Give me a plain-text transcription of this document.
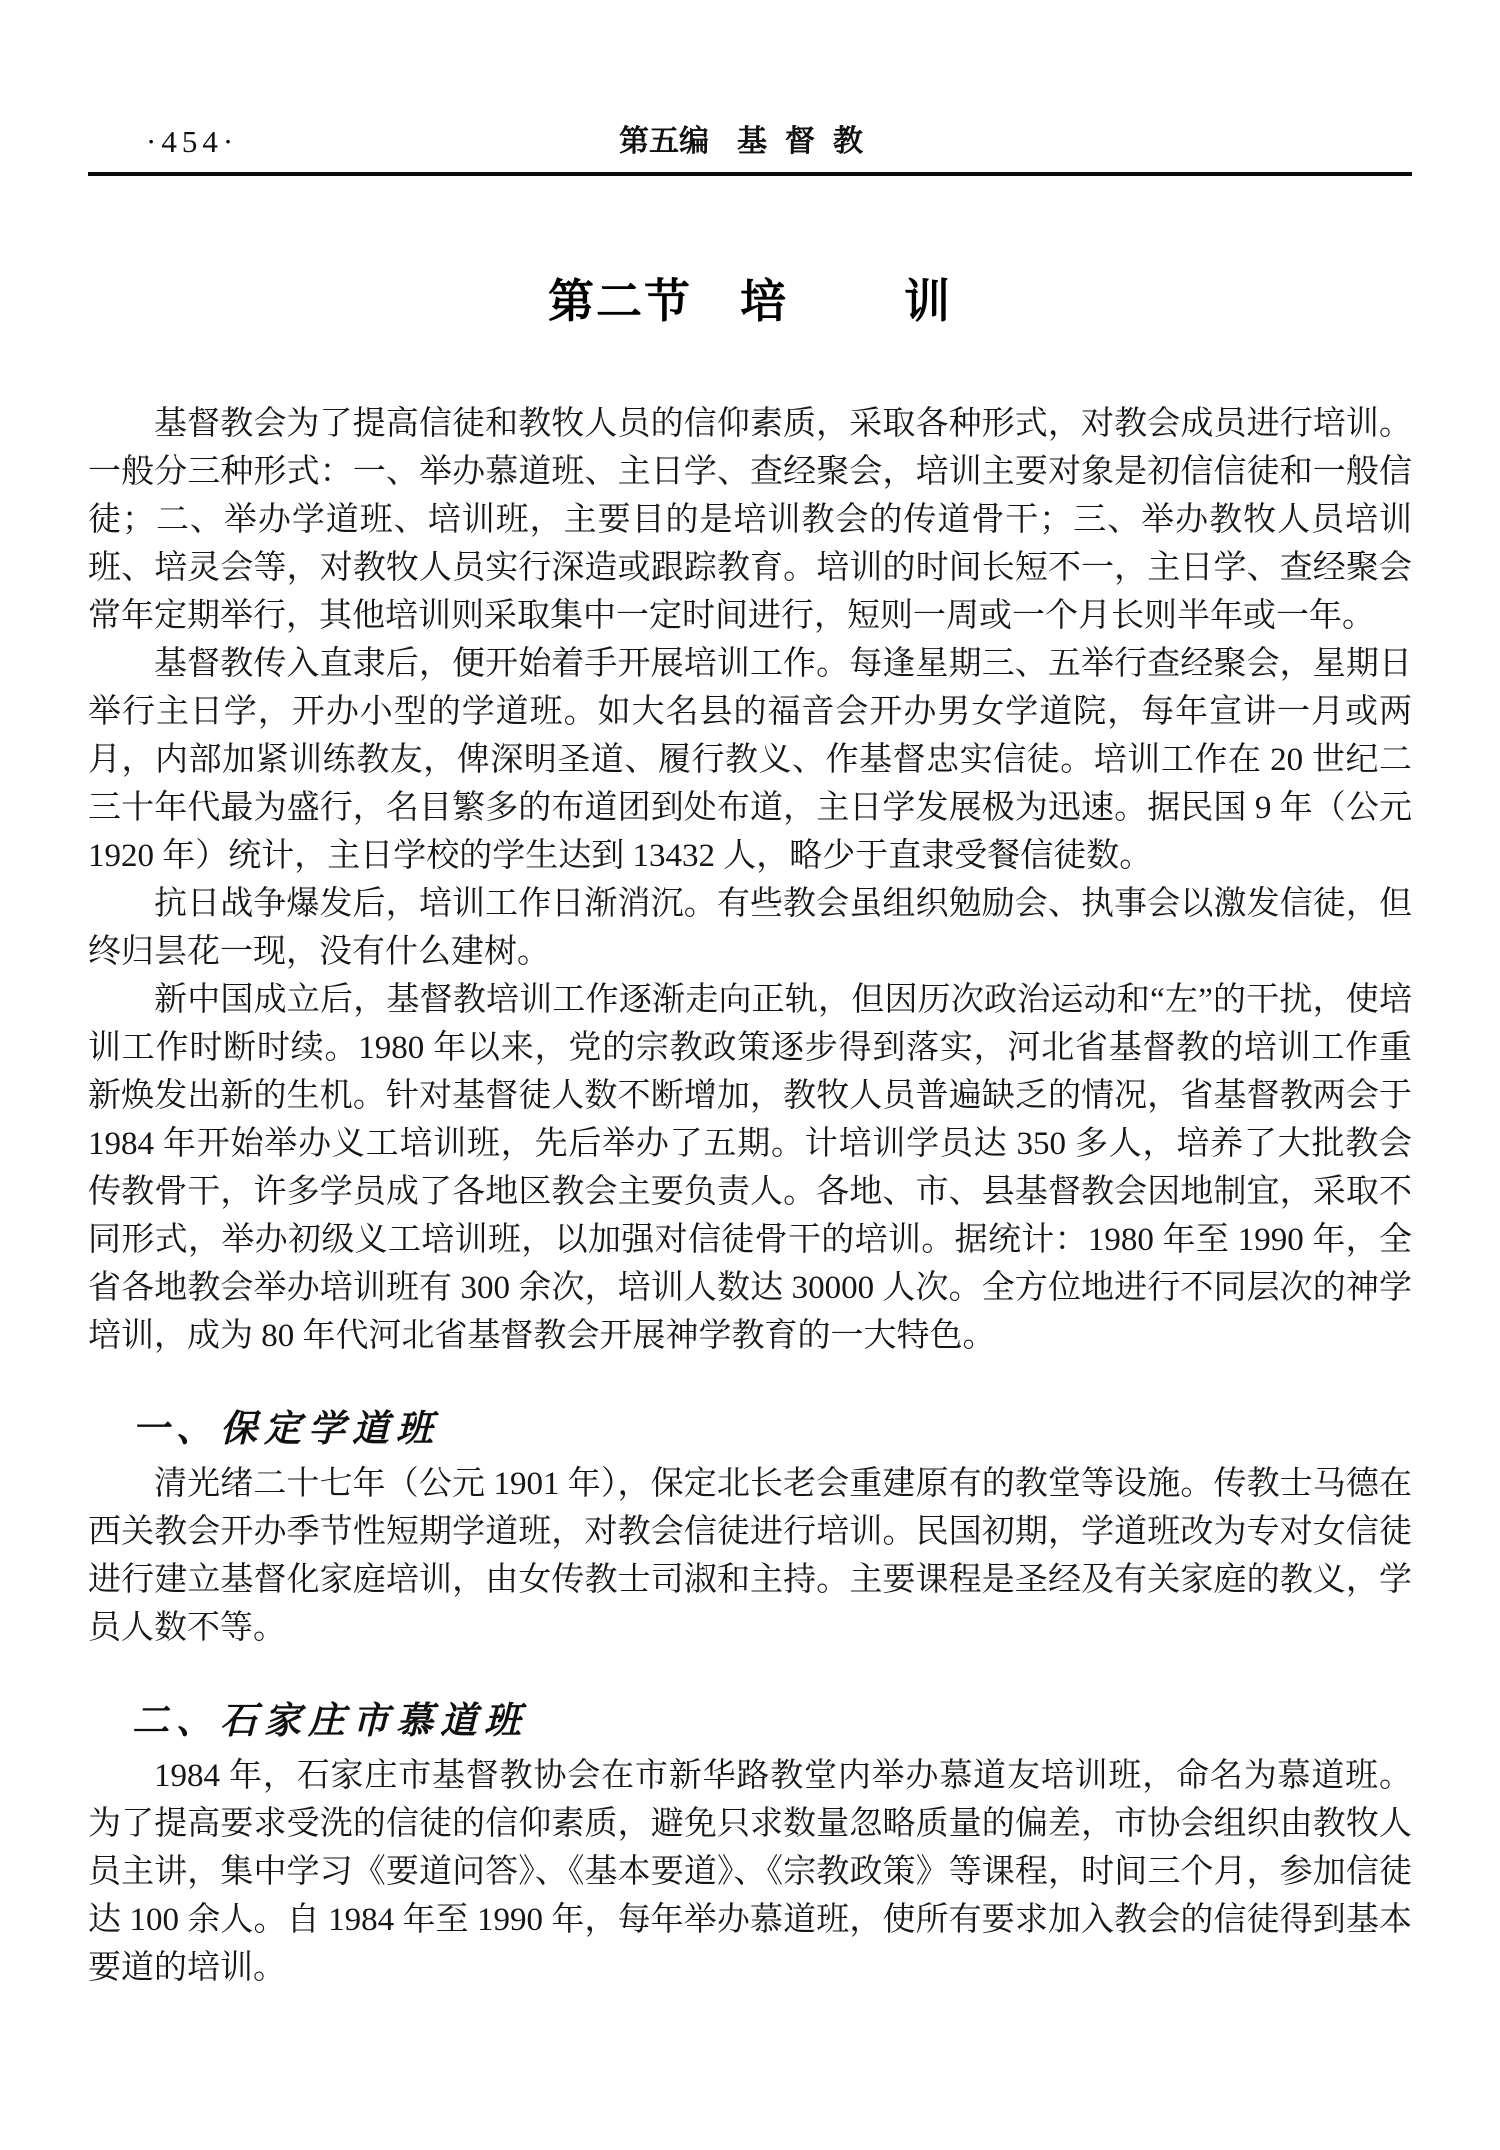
·454·	第五编 基督教
第二节 培	训

基督教会为了提高信徒和教牧人员的信仰素质，采取各种形式，对教会成员进行培训。一般分三种形式：一、举办慕道班、主日学、查经聚会，培训主要对象是初信信徒和一般信徒；二、举办学道班、培训班，主要目的是培训教会的传道骨干；三、举办教牧人员培训班、培灵会等，对教牧人员实行深造或跟踪教育。培训的时间长短不一，主日学、查经聚会常年定期举行，其他培训则采取集中一定时间进行，短则一周或一个月长则半年或一年。

基督教传入直隶后，便开始着手开展培训工作。每逢星期三、五举行查经聚会，星期日举行主日学，开办小型的学道班。如大名县的福音会开办男女学道院，每年宣讲一月或两月，内部加紧训练教友，俾深明圣道、履行教义、作基督忠实信徒。培训工作在 20 世纪二三十年代最为盛行，名目繁多的布道团到处布道，主日学发展极为迅速。据民国 9 年（公元 1920 年）统计，主日学校的学生达到 13432 人，略少于直隶受餐信徒数。

抗日战争爆发后，培训工作日渐消沉。有些教会虽组织勉励会、执事会以激发信徒，但终归昙花一现，没有什么建树。

新中国成立后，基督教培训工作逐渐走向正轨，但因历次政治运动和“左”的干扰，使培训工作时断时续。1980 年以来，党的宗教政策逐步得到落实，河北省基督教的培训工作重新焕发出新的生机。针对基督徒人数不断增加，教牧人员普遍缺乏的情况，省基督教两会于 1984 年开始举办义工培训班，先后举办了五期。计培训学员达 350 多人，培养了大批教会传教骨干，许多学员成了各地区教会主要负责人。各地、市、县基督教会因地制宜，采取不同形式，举办初级义工培训班，以加强对信徒骨干的培训。据统计：1980 年至 1990 年，全省各地教会举办培训班有 300 余次，培训人数达 30000 人次。全方位地进行不同层次的神学培训，成为 80 年代河北省基督教会开展神学教育的一大特色。

一、保定学道班

清光绪二十七年（公元 1901 年），保定北长老会重建原有的教堂等设施。传教士马德在西关教会开办季节性短期学道班，对教会信徒进行培训。民国初期，学道班改为专对女信徒进行建立基督化家庭培训，由女传教士司淑和主持。主要课程是圣经及有关家庭的教义，学员人数不等。

二、石家庄市慕道班

1984 年，石家庄市基督教协会在市新华路教堂内举办慕道友培训班，命名为慕道班。为了提高要求受洗的信徒的信仰素质，避免只求数量忽略质量的偏差，市协会组织由教牧人员主讲，集中学习《要道问答》、《基本要道》、《宗教政策》等课程，时间三个月，参加信徒达 100 余人。自 1984 年至 1990 年，每年举办慕道班，使所有要求加入教会的信徒得到基本要道的培训。
